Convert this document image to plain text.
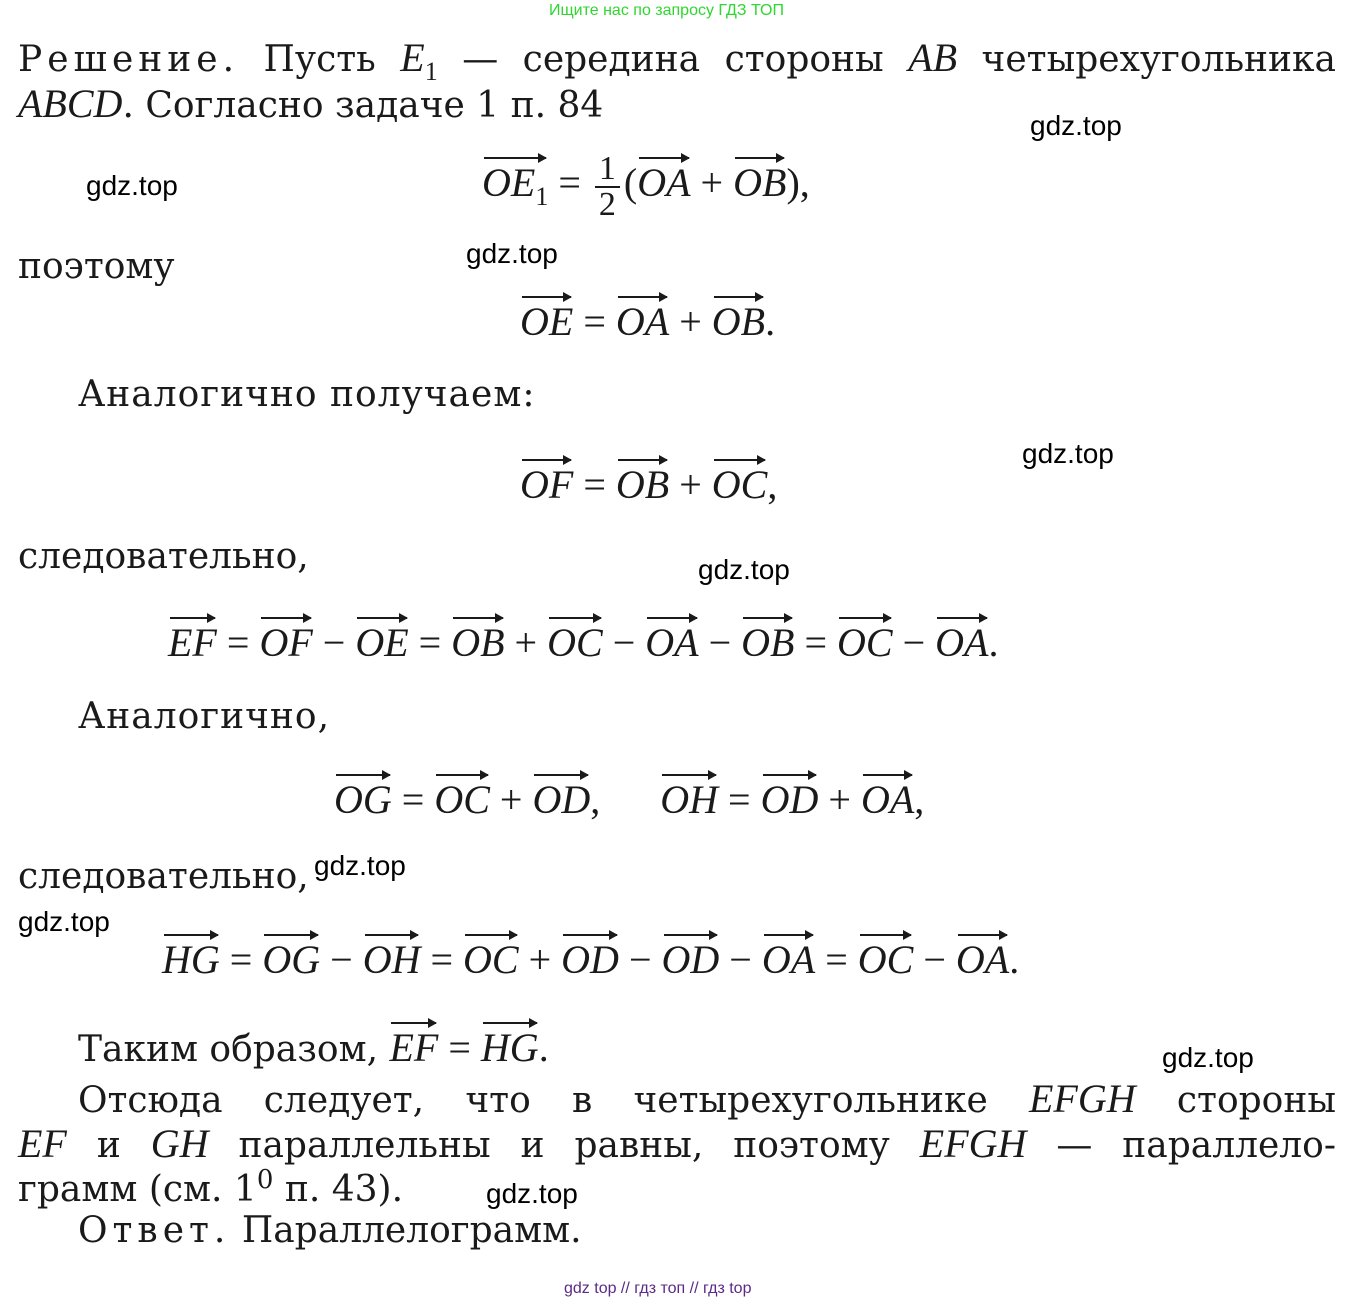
Ищите нас по запросу ГДЗ ТОП
Решение. Пусть $E_1$ — середина стороны AB четырехугольника
ABCD. Согласно задаче 1 п. 84
$OE_1 = \frac{1}{2} (OA + OB)$,
поэтому
OE = OA + OB.
Аналогично получаем:
OF = OB + OC,
следовательно,
EF = OF − OE = OB + OC − OA − OB = OC − OA.
Аналогично,
OG = OC + OD, OH = OD + OA,
следовательно,
HG = OG − OH = OC + OD − OD − OA = OC − OA.
Таким образом, EF = HG.
Отсюда следует, что в четырехугольнике EFGH стороны
EF и GH параллельны и равны, поэтому EFGH — параллело-
грамм (см. $1^0$ п. 43).
Ответ. Параллелограмм.
gdz.top
gdz.top
gdz.top
gdz.top
gdz.top
gdz.top
gdz.top
gdz.top
gdz.top
gdz top // гдз топ // гдз top
